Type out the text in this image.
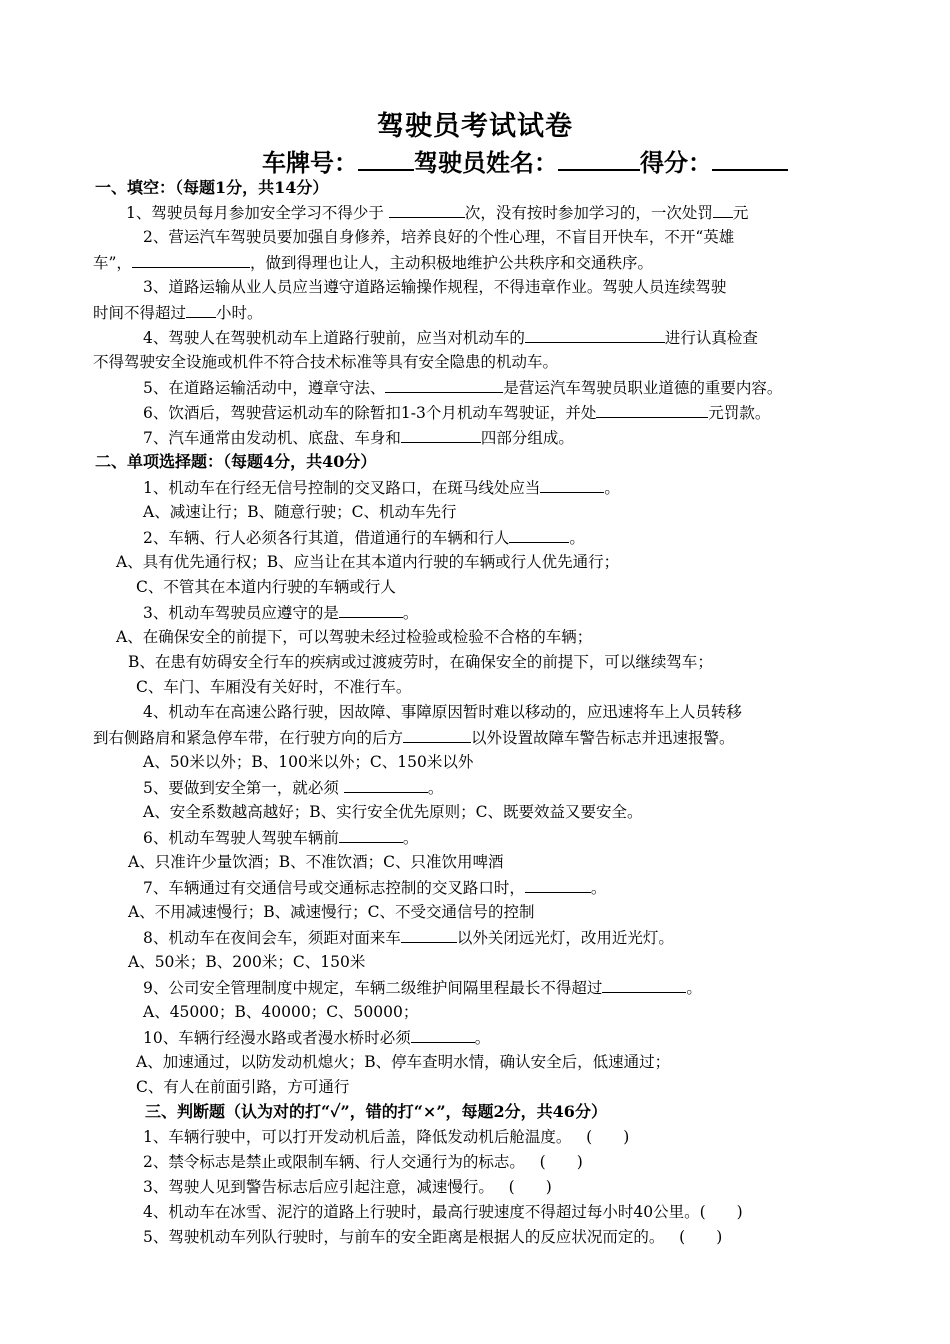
驾驶员考试试卷
车牌号： 驾驶员姓名：	得分：
一、填空：（每题1分，共14分）
1、驾驶员每月参加安全学习不得少于	次，没有按时参加学习的，一次处罚 元
2、营运汽车驾驶员要加强自身修养，培养良好的个性心理，不盲目开快车，不开“英雄
车”，	，做到得理也让人，主动积极地维护公共秩序和交通秩序。
3、道路运输从业人员应当遵守道路运输操作规程，不得违章作业。驾驶人员连续驾驶
时间不得超过 小时。
4、驾驶人在驾驶机动车上道路行驶前，应当对机动车的	进行认真检查
不得驾驶安全设施或机件不符合技术标准等具有安全隐患的机动车。
5、在道路运输活动中，遵章守法、	是营运汽车驾驶员职业道德的重要内容。
6、饮酒后，驾驶营运机动车的除暂扣1-3个月机动车驾驶证，并处	元罚款。
7、汽车通常由发动机、底盘、车身和	四部分组成。
二、单项选择题：（每题4分，共40分）
1、机动车在行经无信号控制的交叉路口，在斑马线处应当	。
A、减速让行；B、随意行驶；C、机动车先行
2、车辆、行人必须各行其道，借道通行的车辆和行人	。
A、具有优先通行权；B、应当让在其本道内行驶的车辆或行人优先通行；
C、不管其在本道内行驶的车辆或行人
3、机动车驾驶员应遵守的是	。
A、在确保安全的前提下，可以驾驶未经过检验或检验不合格的车辆；
B、在患有妨碍安全行车的疾病或过渡疲劳时，在确保安全的前提下，可以继续驾车；
C、车门、车厢没有关好时，不准行车。
4、机动车在高速公路行驶，因故障、事障原因暂时难以移动的，应迅速将车上人员转移
到右侧路肩和紧急停车带，在行驶方向的后方	以外设置故障车警告标志并迅速报警。
A、50米以外；B、100米以外；C、150米以外
5、要做到安全第一，就必须	。
A、安全系数越高越好；B、实行安全优先原则；C、既要效益又要安全。
6、机动车驾驶人驾驶车辆前	。
A、只准许少量饮酒；B、不准饮酒；C、只准饮用啤酒
7、车辆通过有交通信号或交通标志控制的交叉路口时，	。
A、不用减速慢行；B、减速慢行；C、不受交通信号的控制
8、机动车在夜间会车，须距对面来车	以外关闭远光灯，改用近光灯。
A、50米；B、200米；C、150米
9、公司安全管理制度中规定，车辆二级维护间隔里程最长不得超过	。
A、45000；B、40000；C、50000；
10、车辆行经漫水路或者漫水桥时必须	。
A、加速通过，以防发动机熄火；B、停车查明水情，确认安全后，低速通过；
C、有人在前面引路，方可通行
三、判断题（认为对的打“✓”，错的打“×”，每题2分，共46分）
1、车辆行驶中，可以打开发动机后盖，降低发动机后舱温度。 (　　)
2、禁令标志是禁止或限制车辆、行人交通行为的标志。 (　　)
3、驾驶人见到警告标志后应引起注意，减速慢行。 (　　)
4、机动车在冰雪、泥泞的道路上行驶时，最高行驶速度不得超过每小时40公里。(　　)
5、驾驶机动车列队行驶时，与前车的安全距离是根据人的反应状况而定的。 (　　)
